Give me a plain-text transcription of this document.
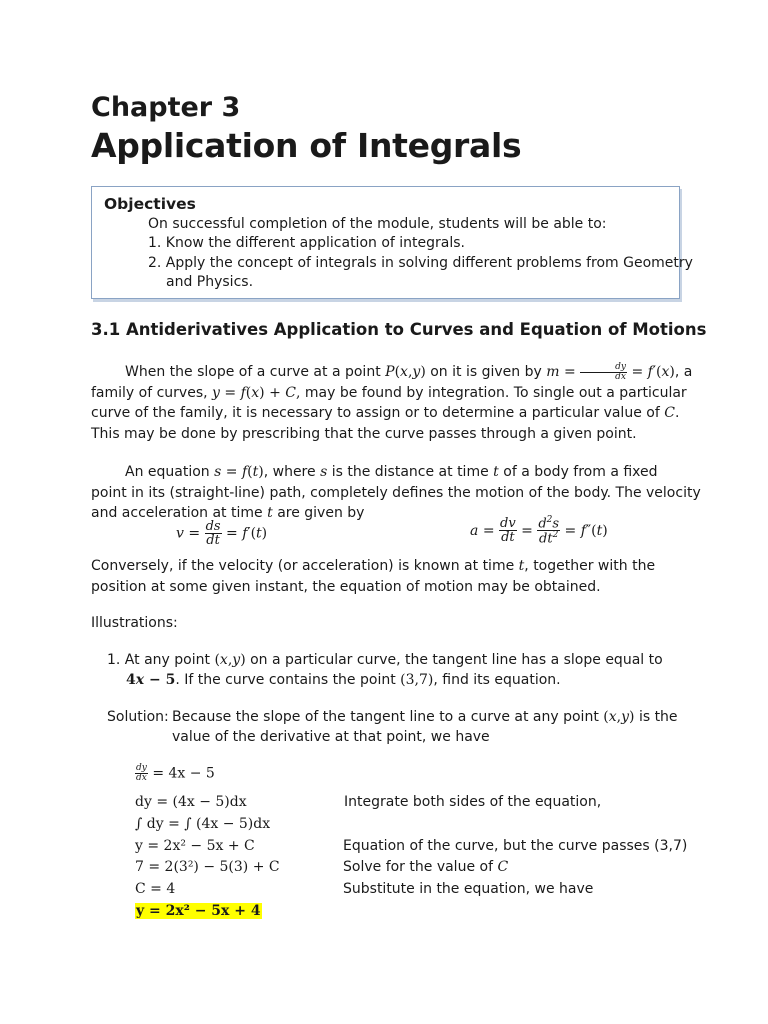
Chapter 3
Application of Integrals
Objectives
On successful completion of the module, students will be able to:
1. Know the different application of integrals.
2. Apply the concept of integrals in solving different problems from Geometry
and Physics.
3.1 Antiderivatives Application to Curves and Equation of Motions
When the slope of a curve at a point P(x,y) on it is given by $m = \frac{dy}{dx} = f'(x)$, a
family of curves, y = f(x) + C, may be found by integration. To single out a particular
curve of the family, it is necessary to assign or to determine a particular value of C.
This may be done by prescribing that the curve passes through a given point.
An equation s = f(t), where s is the distance at time t of a body from a fixed
point in its (straight-line) path, completely defines the motion of the body. The velocity
and acceleration at time t are given by
$v = \frac{ds}{dt} = f'(t)$	$a = \frac{dv}{dt} = \frac{d^2s}{dt^2} = f''(t)$
Conversely, if the velocity (or acceleration) is known at time t, together with the
position at some given instant, the equation of motion may be obtained.
Illustrations:
1. At any point (x,y) on a particular curve, the tangent line has a slope equal to
4x − 5. If the curve contains the point (3,7), find its equation.
Solution: Because the slope of the tangent line to a curve at any point (x,y) is the
value of the derivative at that point, we have
$\frac{dy}{dx} = 4x - 5$
dy = (4x − 5)dx
∫ dy = ∫ (4x − 5)dx
y = 2x² − 5x + C
7 = 2(3²) − 5(3) + C
C = 4
y = 2x² − 5x + 4
Integrate both sides of the equation,
Equation of the curve, but the curve passes (3,7)
Solve for the value of C
Substitute in the equation, we have
